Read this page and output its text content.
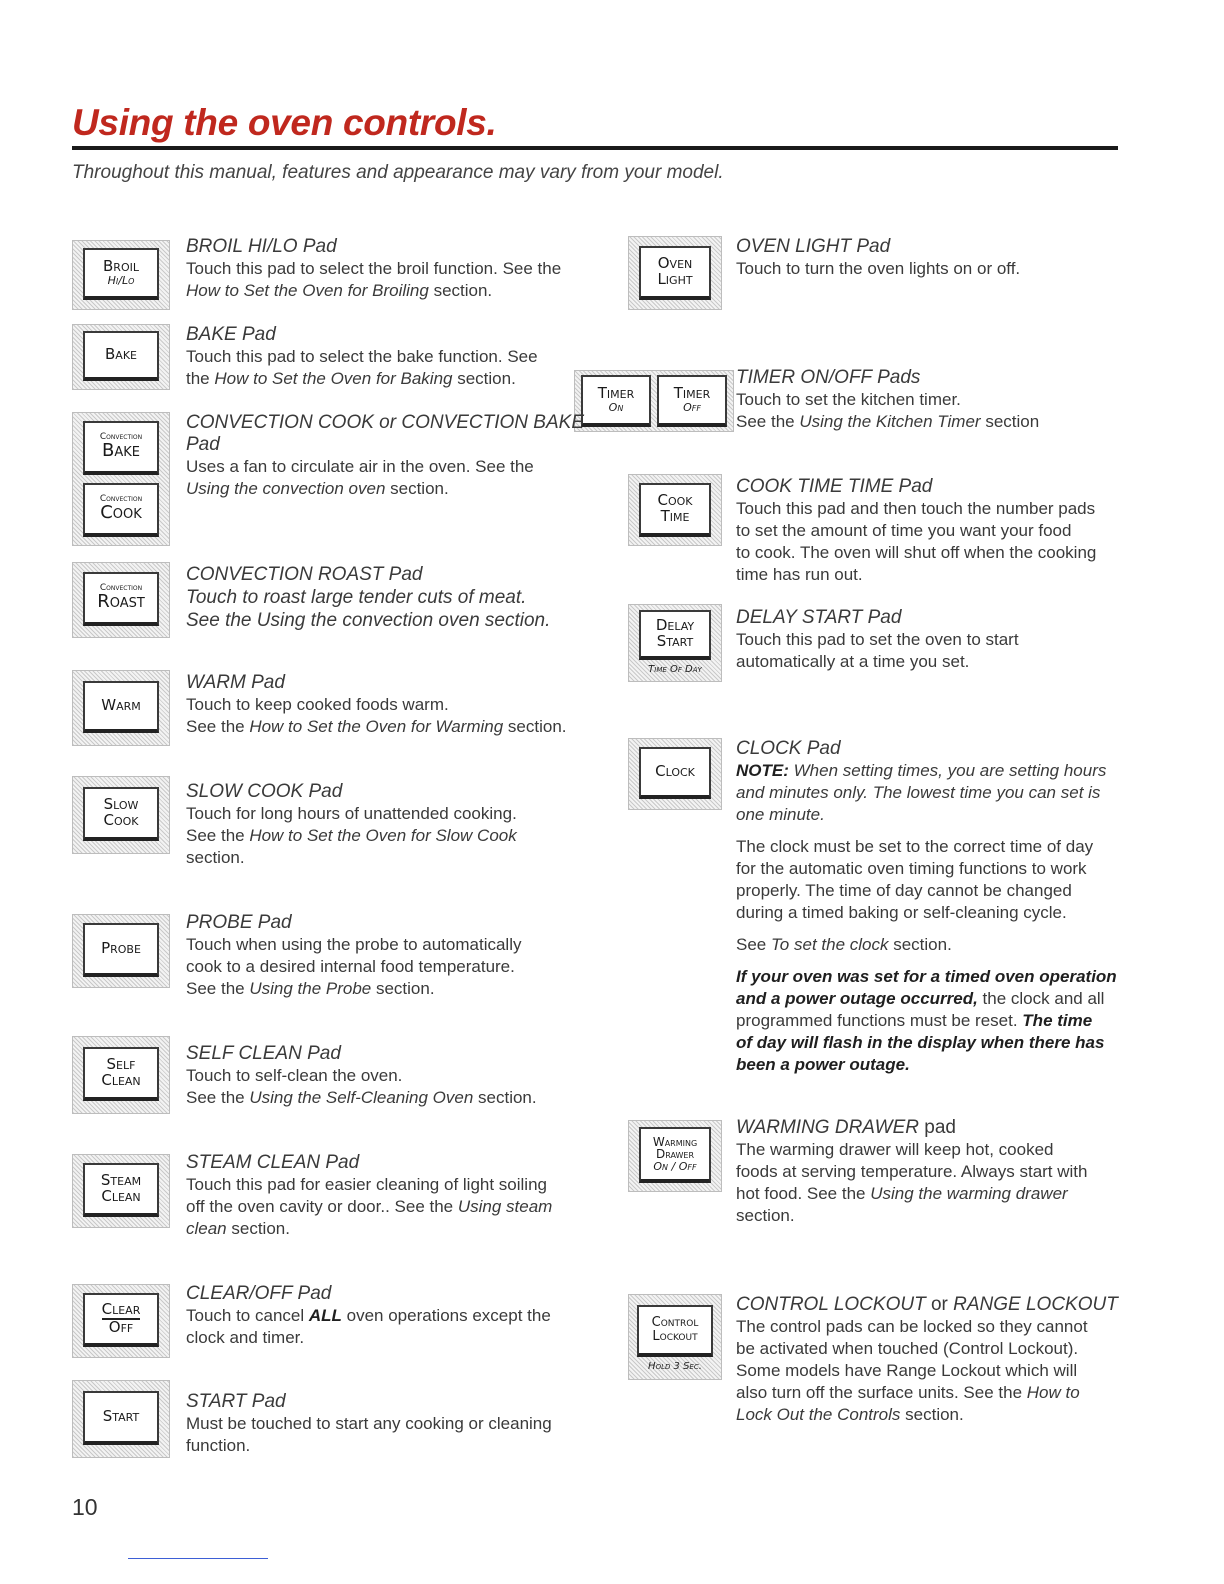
Using the oven controls.
Throughout this manual, features and appearance may vary from your model.
Broil
Hi/Lo
Bake
Convection
Bake
Convection
Cook
Convection
Roast
Warm
Slow
Cook
Probe
Self
Clean
Steam
Clean
Clear
Off
Start
Oven
Light
Timer
On
Timer
Off
Cook
Time
Delay
Start
Time Of Day
Clock
Warming
Drawer
On / Off
Control
Lockout
Hold 3 Sec.
BROIL HI/LO Pad
Touch this pad to select the broil function. See the
How to Set the Oven for Broiling section.
BAKE Pad
Touch this pad to select the bake function. See
the How to Set the Oven for Baking section.
CONVECTION COOK or CONVECTION BAKE
Pad
Uses a fan to circulate air in the oven. See the
Using the convection oven section.
CONVECTION ROAST Pad
Touch to roast large tender cuts of meat.
See the Using the convection oven section.
WARM Pad
Touch to keep cooked foods warm.
See the How to Set the Oven for Warming section.
SLOW COOK Pad
Touch for long hours of unattended cooking.
See the How to Set the Oven for Slow Cook
section.
PROBE Pad
Touch when using the probe to automatically
cook to a desired internal food temperature.
See the Using the Probe section.
SELF CLEAN Pad
Touch to self-clean the oven.
See the Using the Self-Cleaning Oven section.
STEAM CLEAN Pad
Touch this pad for easier cleaning of light soiling
off the oven cavity or door.. See the Using steam
clean section.
CLEAR/OFF Pad
Touch to cancel ALL oven operations except the
clock and timer.
START Pad
Must be touched to start any cooking or cleaning
function.
OVEN LIGHT Pad
Touch to turn the oven lights on or off.
TIMER ON/OFF Pads
Touch to set the kitchen timer.
See the Using the Kitchen Timer section
COOK TIME TIME Pad
Touch this pad and then touch the number pads
to set the amount of time you want your food
to cook. The oven will shut off when the cooking
time has run out.
DELAY START Pad
Touch this pad to set the oven to start
automatically at a time you set.
CLOCK Pad
NOTE: When setting times, you are setting hours
and minutes only. The lowest time you can set is
one minute.
The clock must be set to the correct time of day
for the automatic oven timing functions to work
properly. The time of day cannot be changed
during a timed baking or self-cleaning cycle.
See To set the clock section.
If your oven was set for a timed oven operation
and a power outage occurred, the clock and all
programmed functions must be reset. The time
of day will flash in the display when there has
been a power outage.
WARMING DRAWER pad
The warming drawer will keep hot, cooked
foods at serving temperature. Always start with
hot food. See the Using the warming drawer
section.
CONTROL LOCKOUT or RANGE LOCKOUT
The control pads can be locked so they cannot
be activated when touched (Control Lockout).
Some models have Range Lockout which will
also turn off the surface units. See the How to
Lock Out the Controls section.
10
